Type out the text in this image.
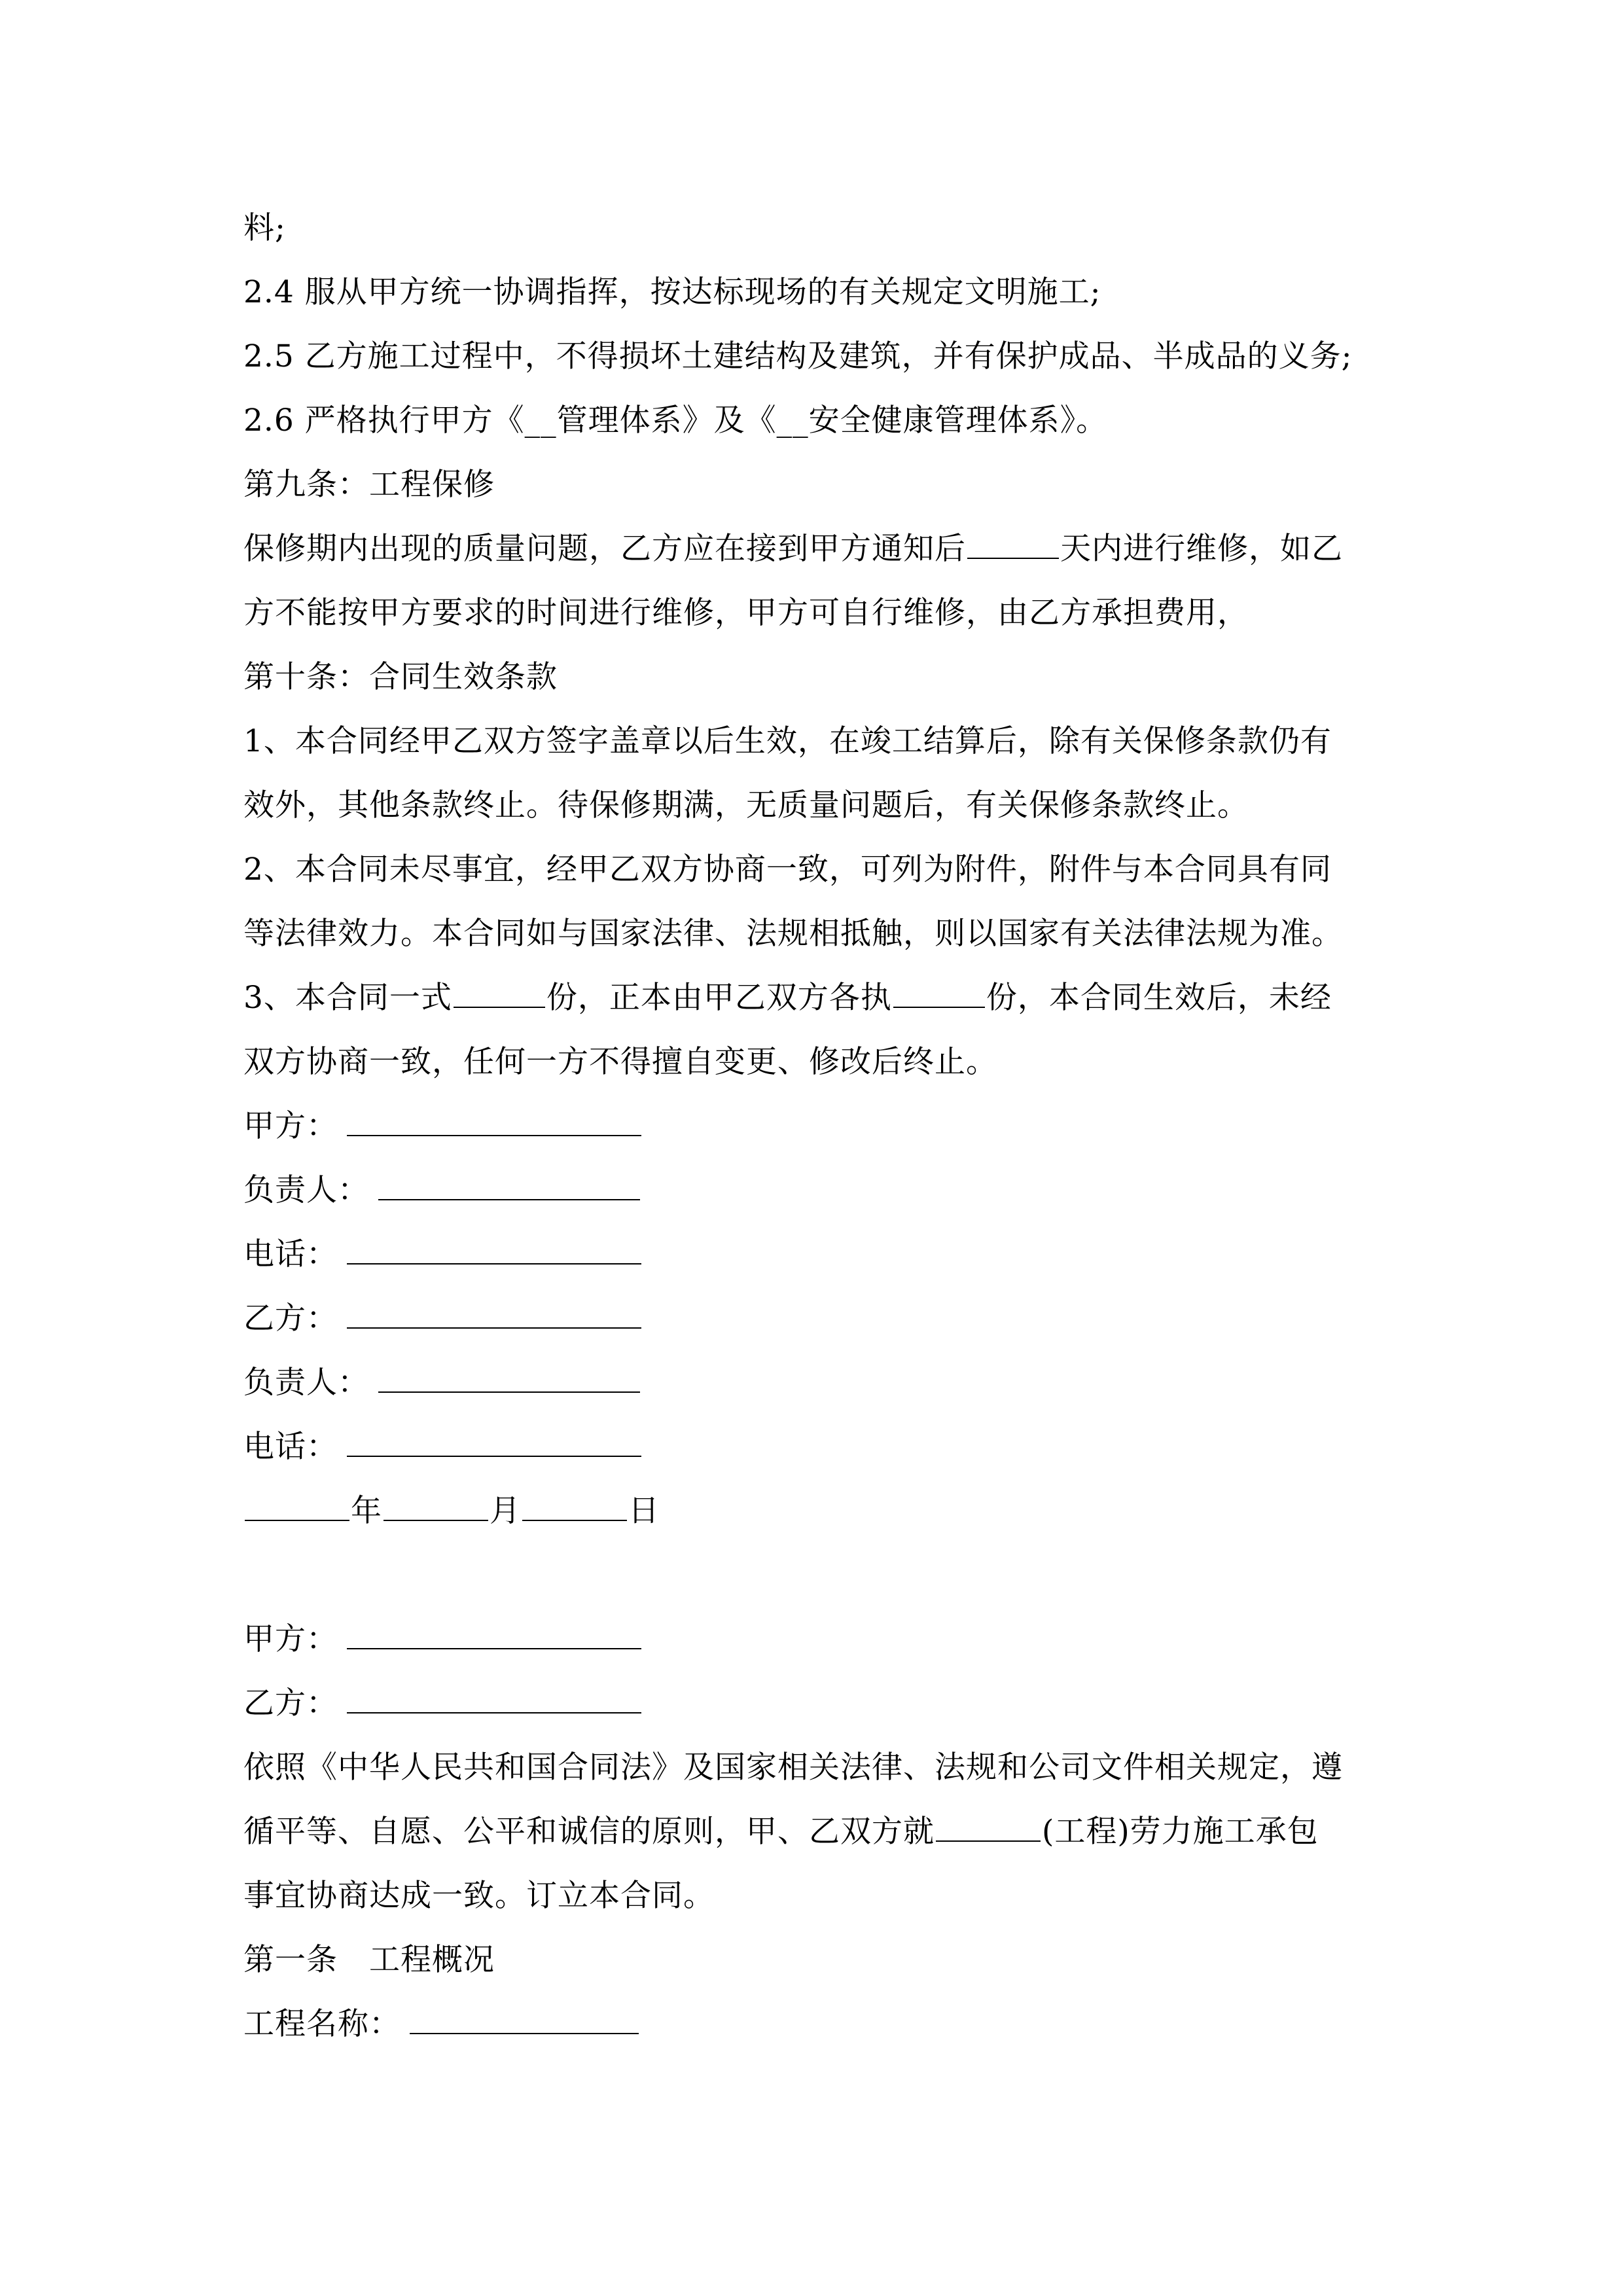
料;
2.4 服从甲方统一协调指挥，按达标现场的有关规定文明施工;
2.5 乙方施工过程中，不得损坏土建结构及建筑，并有保护成品、半成品的义务;
2.6 严格执行甲方《__管理体系》及《__安全健康管理体系》。
第九条：工程保修
保修期内出现的质量问题，乙方应在接到甲方通知后	天内进行维修，如乙
方不能按甲方要求的时间进行维修，甲方可自行维修，由乙方承担费用，
第十条：合同生效条款
1、本合同经甲乙双方签字盖章以后生效，在竣工结算后，除有关保修条款仍有
效外，其他条款终止。待保修期满，无质量问题后，有关保修条款终止。
2、本合同未尽事宜，经甲乙双方协商一致，可列为附件，附件与本合同具有同
等法律效力。本合同如与国家法律、法规相抵触，则以国家有关法律法规为准。
3、本合同一式	份，正本由甲乙双方各执	份，本合同生效后，未经
双方协商一致，任何一方不得擅自变更、修改后终止。
甲方：
负责人：
电话：
乙方：
负责人：
电话：
年	月	日
甲方：
乙方：
依照《中华人民共和国合同法》及国家相关法律、法规和公司文件相关规定，遵
循平等、自愿、公平和诚信的原则，甲、乙双方就	(工程)劳力施工承包
事宜协商达成一致。订立本合同。
第一条　工程概况
工程名称：
